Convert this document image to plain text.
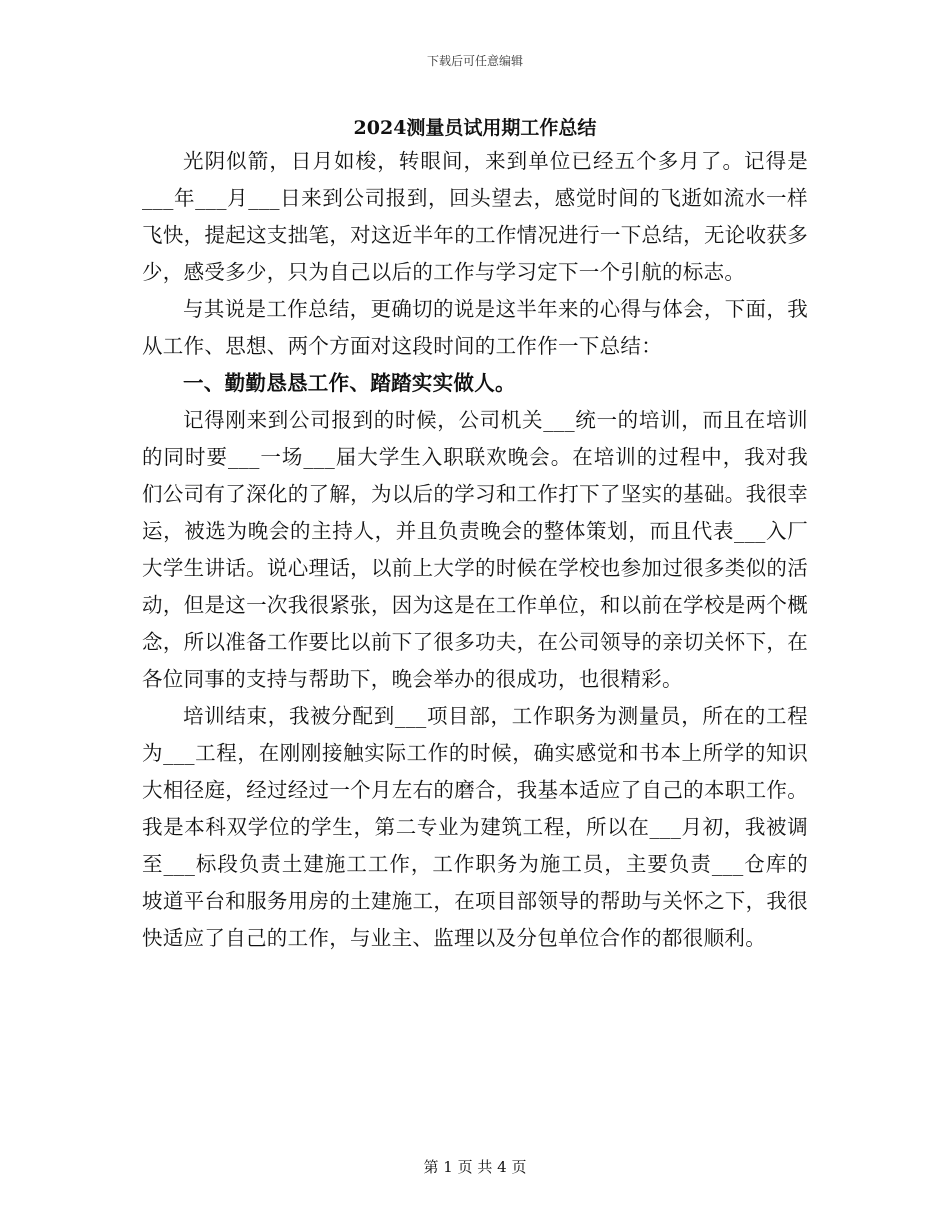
下载后可任意编辑
2024测量员试用期工作总结

光阴似箭，日月如梭，转眼间，来到单位已经五个多月了。记得是___年___月___日来到公司报到，回头望去，感觉时间的飞逝如流水一样飞快，提起这支拙笔，对这近半年的工作情况进行一下总结，无论收获多少，感受多少，只为自己以后的工作与学习定下一个引航的标志。

与其说是工作总结，更确切的说是这半年来的心得与体会，下面，我从工作、思想、两个方面对这段时间的工作作一下总结：

一、勤勤恳恳工作、踏踏实实做人。

记得刚来到公司报到的时候，公司机关___统一的培训，而且在培训的同时要___一场___届大学生入职联欢晚会。在培训的过程中，我对我们公司有了深化的了解，为以后的学习和工作打下了坚实的基础。我很幸运，被选为晚会的主持人，并且负责晚会的整体策划，而且代表___入厂大学生讲话。说心理话，以前上大学的时候在学校也参加过很多类似的活动，但是这一次我很紧张，因为这是在工作单位，和以前在学校是两个概念，所以准备工作要比以前下了很多功夫，在公司领导的亲切关怀下，在各位同事的支持与帮助下，晚会举办的很成功，也很精彩。

培训结束，我被分配到___项目部，工作职务为测量员，所在的工程为___工程，在刚刚接触实际工作的时候，确实感觉和书本上所学的知识大相径庭，经过经过一个月左右的磨合，我基本适应了自己的本职工作。我是本科双学位的学生，第二专业为建筑工程，所以在___月初，我被调至___标段负责土建施工工作，工作职务为施工员，主要负责___仓库的坡道平台和服务用房的土建施工，在项目部领导的帮助与关怀之下，我很快适应了自己的工作，与业主、监理以及分包单位合作的都很顺利。

第 1 页 共 4 页
